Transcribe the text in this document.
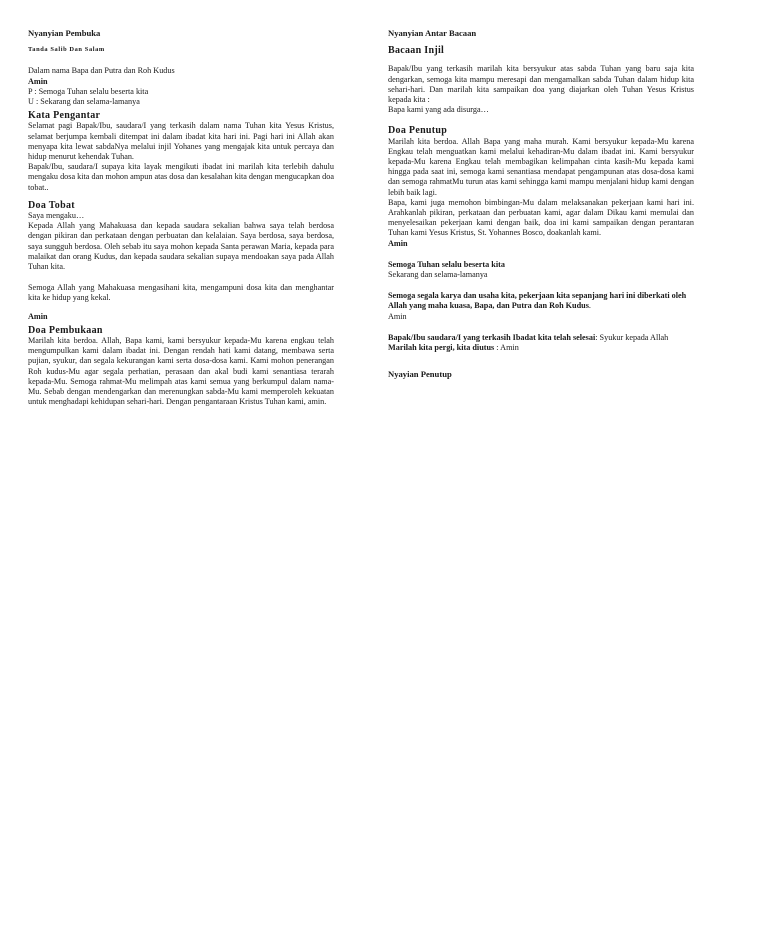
Nyanyian Pembuka
Tanda Salib Dan Salam
Dalam nama Bapa dan Putra dan Roh Kudus
Amin
P : Semoga Tuhan selalu beserta kita
U : Sekarang dan selama-lamanya
Kata Pengantar

Selamat pagi Bapak/Ibu, saudara/I yang terkasih dalam nama Tuhan kita Yesus Kristus, selamat berjumpa kembali ditempat ini dalam ibadat kita hari ini. Pagi hari ini Allah akan menyapa kita lewat sabdaNya melalui injil Yohanes yang mengajak kita untuk percaya dan hidup menurut kehendak Tuhan.

Bapak/Ibu, saudara/I supaya kita layak mengikuti ibadat ini marilah kita terlebih dahulu mengaku dosa kita dan mohon ampun atas dosa dan kesalahan kita dengan mengucapkan doa tobat..

Doa Tobat
Saya mengaku…

Kepada Allah yang Mahakuasa dan kepada saudara sekalian bahwa saya telah berdosa dengan pikiran dan perkataan dengan perbuatan dan kelalaian. Saya berdosa, saya berdosa, saya sungguh berdosa. Oleh sebab itu saya mohon kepada Santa perawan Maria, kepada para malaikat dan orang Kudus, dan kepada saudara sekalian supaya mendoakan saya pada Allah Tuhan kita.

Semoga Allah yang Mahakuasa mengasihani kita, mengampuni dosa kita dan menghantar kita ke hidup yang kekal.

Amin
Doa Pembukaan

Marilah kita berdoa. Allah, Bapa kami, kami bersyukur kepada-Mu karena engkau telah mengumpulkan kami dalam ibadat ini. Dengan rendah hati kami datang, membawa serta pujian, syukur, dan segala kekurangan kami serta dosa-dosa kami. Kami mohon penerangan Roh kudus-Mu agar segala perhatian, perasaan dan akal budi kami senantiasa terarah kepada-Mu. Semoga rahmat-Mu melimpah atas kami semua yang berkumpul dalam nama-Mu. Sebab dengan mendengarkan dan merenungkan sabda-Mu kami memperoleh kekuatan untuk menghadapi kehidupan sehari-hari. Dengan pengantaraan Kristus Tuhan kami, amin.

Nyanyian Antar Bacaan
Bacaan Injil

Bapak/Ibu yang terkasih marilah kita bersyukur atas sabda Tuhan yang baru saja kita dengarkan, semoga kita mampu meresapi dan mengamalkan sabda Tuhan dalam hidup kita sehari-hari. Dan marilah kita sampaikan doa yang diajarkan oleh Tuhan Yesus Kristus kepada kita :

Bapa kami yang ada disurga…
Doa Penutup

Marilah kita berdoa. Allah Bapa yang maha murah. Kami bersyukur kepada-Mu karena Engkau telah menguatkan kami melalui kehadiran-Mu dalam ibadat ini. Kami bersyukur kepada-Mu karena Engkau telah membagikan kelimpahan cinta kasih-Mu kepada kami hingga pada saat ini, semoga kami senantiasa mendapat pengampunan atas dosa-dosa kami dan semoga rahmatMu turun atas kami sehingga kami mampu menjalani hidup kami dengan lebih baik lagi.

Bapa, kami juga memohon bimbingan-Mu dalam melaksanakan pekerjaan kami hari ini. Arahkanlah pikiran, perkataan dan perbuatan kami, agar dalam Dikau kami memulai dan menyelesaikan pekerjaan kami dengan baik, doa ini kami sampaikan dengan perantaran Tuhan kami Yesus Kristus, St. Yohannes Bosco, doakanlah kami.

Amin
Semoga Tuhan selalu beserta kita
Sekarang dan selama-lamanya

Semoga segala karya dan usaha kita, pekerjaan kita sepanjang hari ini diberkati oleh Allah yang maha kuasa, Bapa, dan Putra dan Roh Kudus.

Amin

Bapak/Ibu saudara/I yang terkasih Ibadat kita telah selesai: Syukur kepada Allah

Marilah kita pergi, kita diutus : Amin

Nyayian Penutup
